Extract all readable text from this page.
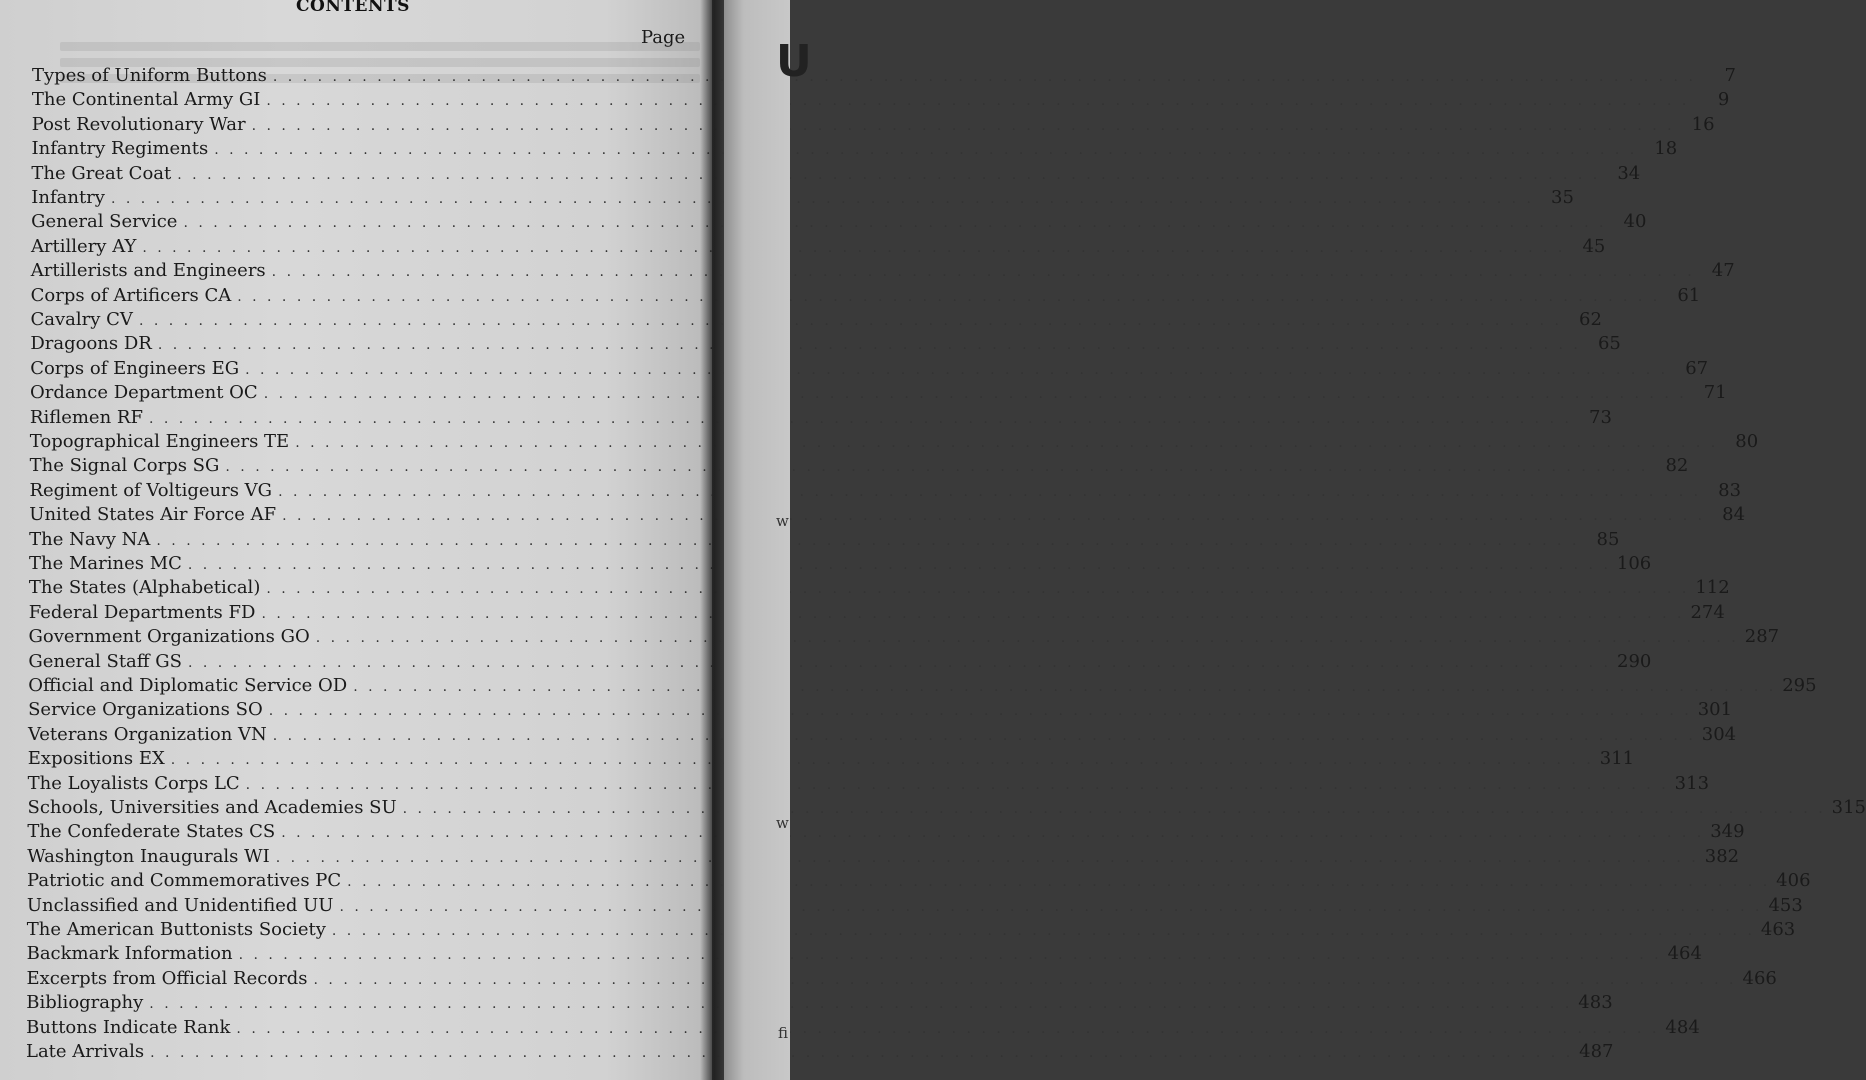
CONTENTS
Page
Types of Uniform Buttons . . .	7
The Continental Army GI . . .	9
Post Revolutionary War . . .	16
Infantry Regiments . . .	18
The Great Coat . . .	34
Infantry . . .	35
General Service . . .	40
Artillery AY . . .	45
Artillerists and Engineers . . .	47
Corps of Artificers CA . . .	61
Cavalry CV . . .	62
Dragoons DR . . .	65
Corps of Engineers EG . . .	67
Ordance Department OC . . .	71
Riflemen RF . . .	73
Topographical Engineers TE . . .	80
The Signal Corps SG . . .	82
Regiment of Voltigeurs VG . . .	83
United States Air Force AF . . .	84
The Navy NA . . .	85
The Marines MC . . .	106
The States (Alphabetical) . . .	112
Federal Departments FD . . .	274
Government Organizations GO . . .	287
General Staff GS . . .	290
Official and Diplomatic Service OD . . .	295
Service Organizations SO . . .	301
Veterans Organization VN . . .	304
Expositions EX . . .	311
The Loyalists Corps LC . . .	313
Schools, Universities and Academies SU . . .	315
The Confederate States CS . . .	349
Washington Inaugurals WI . . .	382
Patriotic and Commemoratives PC . . .	406
Unclassified and Unidentified UU . . .	453
The American Buttonists Society . . .	463
Backmark Information . . .	464
Excerpts from Official Records . . .	466
Bibliography . . .	483
Buttons Indicate Rank . . .	484
Late Arrivals . . .	487
U
w
w
fi
